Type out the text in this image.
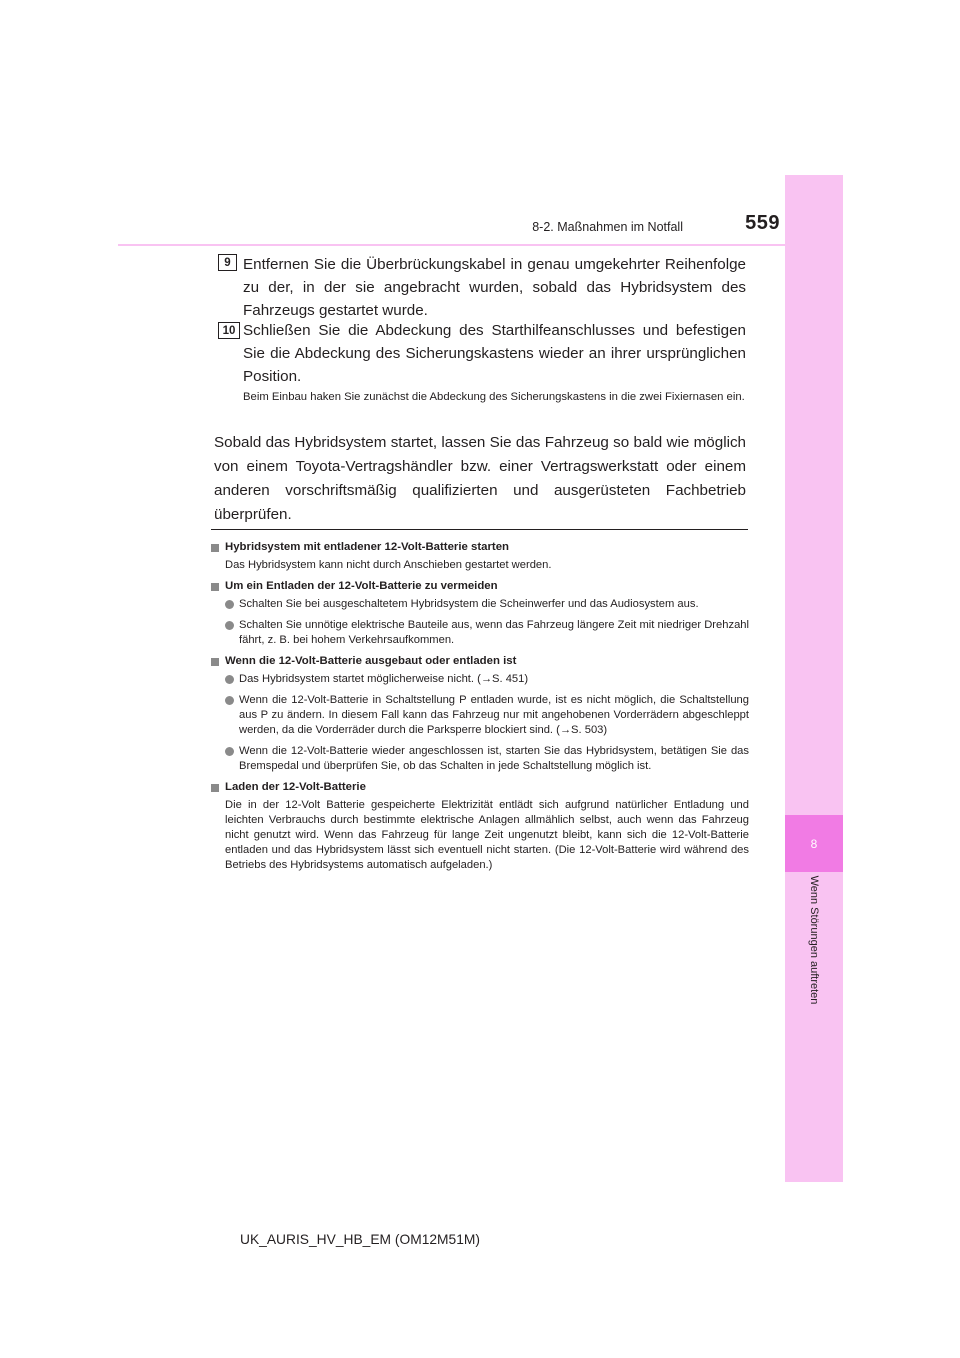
8
Wenn Störungen auftreten
8-2. Maßnahmen im Notfall	559
9 Entfernen Sie die Überbrückungskabel in genau umgekehrter Reihenfolge zu der, in der sie angebracht wurden, sobald das Hybridsystem des Fahrzeugs gestartet wurde.
10 Schließen Sie die Abdeckung des Starthilfeanschlusses und befestigen Sie die Abdeckung des Sicherungskastens wieder an ihrer ursprünglichen Position.
Beim Einbau haken Sie zunächst die Abdeckung des Sicherungskastens in die zwei Fixiernasen ein.
Sobald das Hybridsystem startet, lassen Sie das Fahrzeug so bald wie möglich von einem Toyota-Vertragshändler bzw. einer Vertragswerkstatt oder einem anderen vorschriftsmäßig qualifizierten und ausgerüsteten Fachbetrieb überprüfen.
Hybridsystem mit entladener 12-Volt-Batterie starten
Das Hybridsystem kann nicht durch Anschieben gestartet werden.
Um ein Entladen der 12-Volt-Batterie zu vermeiden
Schalten Sie bei ausgeschaltetem Hybridsystem die Scheinwerfer und das Audiosystem aus.
Schalten Sie unnötige elektrische Bauteile aus, wenn das Fahrzeug längere Zeit mit niedriger Drehzahl fährt, z. B. bei hohem Verkehrsaufkommen.
Wenn die 12-Volt-Batterie ausgebaut oder entladen ist
Das Hybridsystem startet möglicherweise nicht. (→S. 451)
Wenn die 12-Volt-Batterie in Schaltstellung P entladen wurde, ist es nicht möglich, die Schaltstellung aus P zu ändern. In diesem Fall kann das Fahrzeug nur mit angehobenen Vorderrädern abgeschleppt werden, da die Vorderräder durch die Parksperre blockiert sind. (→S. 503)
Wenn die 12-Volt-Batterie wieder angeschlossen ist, starten Sie das Hybridsystem, betätigen Sie das Bremspedal und überprüfen Sie, ob das Schalten in jede Schaltstellung möglich ist.
Laden der 12-Volt-Batterie
Die in der 12-Volt Batterie gespeicherte Elektrizität entlädt sich aufgrund natürlicher Entladung und leichten Verbrauchs durch bestimmte elektrische Anlagen allmählich selbst, auch wenn das Fahrzeug nicht genutzt wird. Wenn das Fahrzeug für lange Zeit ungenutzt bleibt, kann sich die 12-Volt-Batterie entladen und das Hybridsystem lässt sich eventuell nicht starten. (Die 12-Volt-Batterie wird während des Betriebs des Hybridsystems automatisch aufgeladen.)
UK_AURIS_HV_HB_EM (OM12M51M)
